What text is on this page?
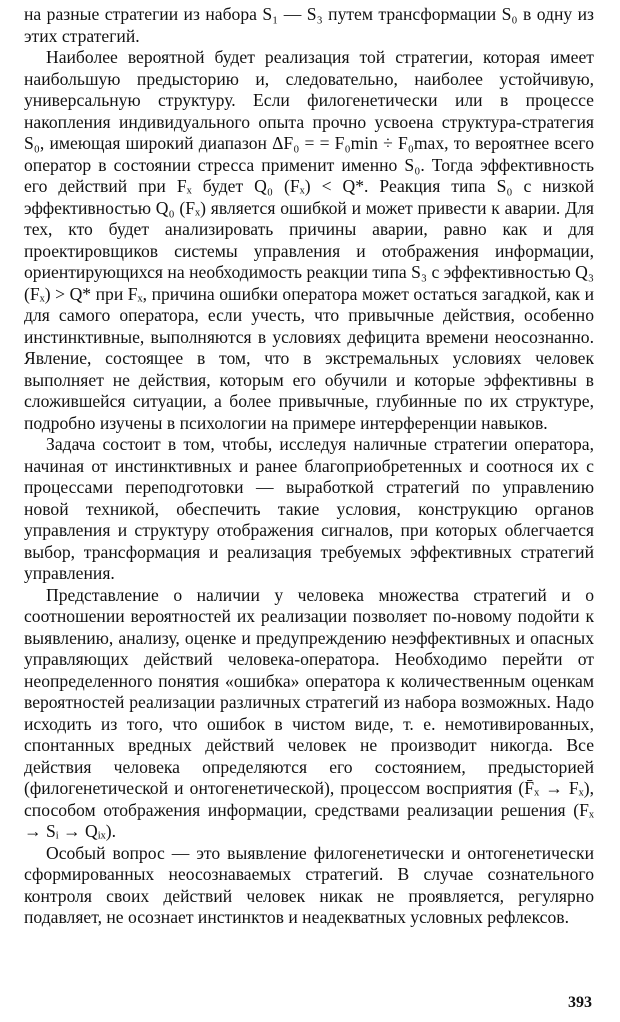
на разные стратегии из набора S₁ — S₃ путем трансформации S₀ в одну из этих стратегий.

Наиболее вероятной будет реализация той стратегии, которая имеет наибольшую предысторию и, следовательно, наиболее устойчивую, универсальную структуру. Если филогенетически или в процессе накопления индивидуального опыта прочно усвоена структура-стратегия S₀, имеющая широкий диапазон ΔF₀ = = F₀min ÷ F₀max, то вероятнее всего оператор в состоянии стресса применит именно S₀. Тогда эффективность его действий при Fₓ будет Q₀ (Fₓ) < Q*. Реакция типа S₀ с низкой эффективностью Q₀ (Fₓ) является ошибкой и может привести к аварии. Для тех, кто будет анализировать причины аварии, равно как и для проектировщиков системы управления и отображения информации, ориентирующихся на необходимость реакции типа S₃ с эффективностью Q₃ (Fₓ) > Q* при Fₓ, причина ошибки оператора может остаться загадкой, как и для самого оператора, если учесть, что привычные действия, особенно инстинктивные, выполняются в условиях дефицита времени неосознанно. Явление, состоящее в том, что в экстремальных условиях человек выполняет не действия, которым его обучили и которые эффективны в сложившейся ситуации, а более привычные, глубинные по их структуре, подробно изучены в психологии на примере интерференции навыков.

Задача состоит в том, чтобы, исследуя наличные стратегии оператора, начиная от инстинктивных и ранее благоприобретенных и соотнося их с процессами переподготовки — выработкой стратегий по управлению новой техникой, обеспечить такие условия, конструкцию органов управления и структуру отображения сигналов, при которых облегчается выбор, трансформация и реализация требуемых эффективных стратегий управления.

Представление о наличии у человека множества стратегий и о соотношении вероятностей их реализации позволяет по-новому подойти к выявлению, анализу, оценке и предупреждению неэффективных и опасных управляющих действий человека-оператора. Необходимо перейти от неопределенного понятия «ошибка» оператора к количественным оценкам вероятностей реализации различных стратегий из набора возможных. Надо исходить из того, что ошибок в чистом виде, т. е. немотивированных, спонтанных вредных действий человек не производит никогда. Все действия человека определяются его состоянием, предысторией (филогенетической и онтогенетической), процессом восприятия (F̄ₓ → Fₓ), способом отображения информации, средствами реализации решения (Fₓ → Sᵢ → Qᵢₓ).

Особый вопрос — это выявление филогенетически и онтогенетически сформированных неосознаваемых стратегий. В случае сознательного контроля своих действий человек никак не проявляется, регулярно подавляет, не осознает инстинктов и неадекватных условных рефлексов.

393
